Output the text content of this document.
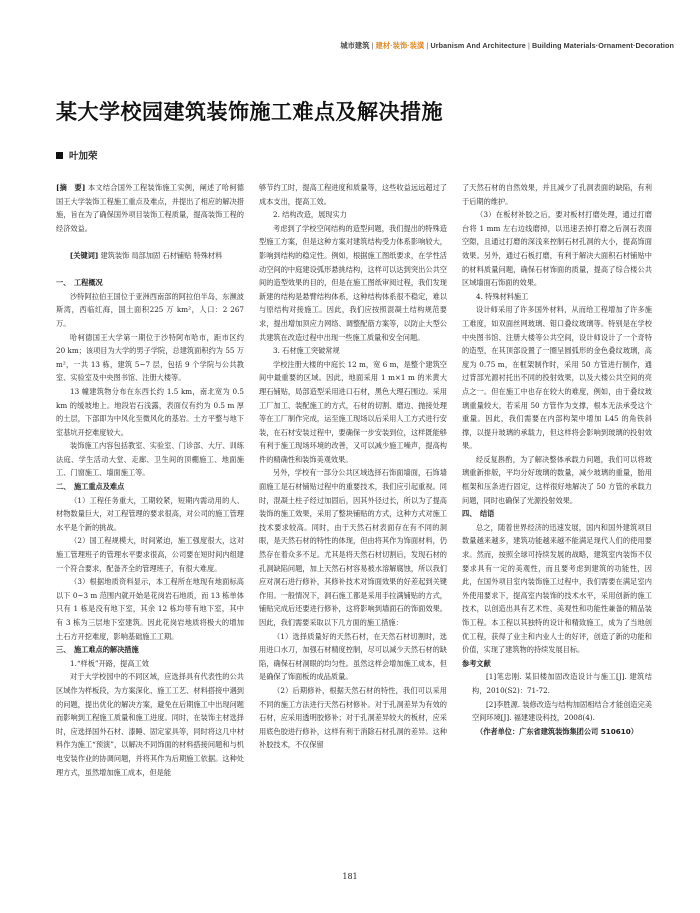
城市建筑 | 建材·装饰·装潢 | Urbanism And Architecture | Building Materials·Ornament·Decoration
某大学校园建筑装饰施工难点及解决措施
叶加荣

[摘　要] 本文结合国外工程装饰施工实例，阐述了哈柯德国王大学装饰工程施工重点及难点，并提出了相应的解决措施，旨在为了确保国外项目装饰工程质量，提高装饰工程的经济效益。

[关键词] 建筑装饰 局部加固 石材铺贴 特殊材料

一、　工程概况

沙特阿拉伯王国位于亚洲西南部的阿拉伯半岛，东濒波斯湾，西临红海，国土面积225 万 km²，人口：2 267 万。

哈柯德国王大学第一期位于沙特阿布哈市，距市区约 20 km；该项目为大学的男子学院，总建筑面积约为 55 万 m²，一共 13 栋，建筑 5~7 层，包括 9 个学院与公共教室、实验室及中央图书馆、注册大楼等。

13 幢建筑物分布在东西长约 1.5 km，南北宽为 0.5 km 的缓坡地上。地段岩石浅露，表面仅有约为 0.5 m 厚的土层，下部即为中风化至微风化的基岩。土方平整与地下室基坑开挖难度较大。

装饰施工内容包括教室、实验室、门诊部、大厅、训练法庭、学生活动大堂、走廊、卫生间的顶棚施工、地面施工、门窗施工、墙面施工等。

二、　施工重点及难点

（1）工程任务重大，工期较紧，短期内需动用的人、材物数量巨大，对工程管理的要求很高，对公司的施工管理水平是个新的挑战。

（2）国工程规模大，时间紧迫，施工强度很大，这对施工管理班子的管理水平要求很高，公司要在短时间内组建一个符合要求，配备齐全的管理班子，有很大难度。

（3）根据地质资料显示，本工程所在地现有地面标高以下 0~3 m 范围内就开始是花岗岩石地质，而 13 栋单体只有 1 栋是没有地下室，其余 12 栋均带有地下室，其中有 3 栋为三层地下室建筑。因此花岗岩地质将极大的增加土石方开挖难度，影响基础施工工期。

三、　施工难点的解决措施

1.“样板”开路，提高工效

对于大学校园中的不同区域，应选择具有代表性的公共区域作为样板段，为方案深化、施工工艺、材料搭接中遇到的问题，提出优化的解决方案，避免在后期施工中出现问题而影响到工程施工质量和施工进度。同时，在装饰主材选择时，应选择国外石材、漆睡、固定家具等，同时将这几中材料作为施工“预演”，以解决不同饰面的材料搭接问题和与机电安装作业的协调问题，并将其作为后期施工依据。这种处理方式，虽然增加施工成本，但是能

够节约工时，提高工程进度和质量等，这些收益远远超过了成本支出，提高工效。

2. 结构改造，展现实力

考虑到了学校空间结构的造型问题，我们提出的特殊造型施工方案，但是这种方案对建筑结构受力体系影响较大，影响到结构的稳定性。例如，根据施工图纸要求，在学性活动空间的中庭建设弧形悬挑结构，这样可以达到突出公共空间的造型效果的目的，但是在施工图纸审阅过程，我们发现新建的结构是悬臂结构体系，这种结构体系很不稳定，难以与原结构对接施工。因此，我们应按照混凝土结构规范要求，提出增加顶应力网络、调整配筋方案等，以防止大型公共建筑在改造过程中出现一些施工质量和安全问题。

3. 石材施工突破常规

学校注册大楼的中庭长 12 m，宽 6 m，是整个建筑空间中最重要的区域。因此，地面采用 1 m×1 m 的米黄大理石铺贴，局部造型采用进口石材，黑色大理石围边。采用工厂加工、装配施工的方式，石材的切割、磨边、抛接处理等在工厂制作完成，运至施工现场以后采用人工方式进行安装，在石材安装过程中，要确保一步安装到位，这样既能够有利于施工现场环境的改善，又可以减少施工噪声，提高构件的精确性和装饰美观效果。

另外，学校有一部分公共区域选择石饰面墙面，石饰墙面施工是石材铺贴过程中的重要技术，我们应引起重视。同时，混凝土柱子经过加固后，因其外径过长，所以为了提高装饰的施工效果，采用了整块铺贴的方式，这种方式对施工技术要求较高。同时，由于天然石材表面存在有不同的洞眼，是天然石材的特性的体现，但由将其作为饰面材料，仍然存在着众多不足。尤其是将天然石材切割后，发现石材的孔洞缺陷问题，加上天然石材容易被水溶解腐蚀，所以我们应对洞石进行修补，其修补技术对饰面效果的好差起到关键作用。一般情况下，洞石施工都是采用手拉满铺贴的方式，铺贴完成后还要进行修补，这将影响到墙面石的饰面效果。因此，我们需要采取以下几方面的施工措施：

（1）选择质量好的天然石材，在天然石材切割时，选用进口水刀，加强石材精度控制，尽可以减少天然石材的缺陷，确保石材洞眼的均匀性。虽然这样会增加施工成本，但是确保了饰面板的成品质量。

（2）后期修补，根据天然石材的特性，我们可以采用不同的施工方法进行天然石材修补。对于孔洞差异为有效的石材，应采用透明胶修补；对于孔洞差异较大的板材，应采用底色胶进行修补，这样有利于消除石材孔洞的差异。这种补胶技术，不仅保留

了天然石材的自然效果，并且减少了孔洞表面的缺陷，有利于后期的维护。

（3）在板材补胶之后，要对板材打磨处理，通过打磨台将 1 mm 左右边线磨掉，以迅速丢掉打磨之后洞石表面空隙，且通过打磨的深浅来控制石材孔洞的大小，提高饰面效果。另外，通过石板打磨，有利于解决大面积石材铺贴中的材料质量问题，确保石材饰面的质量，提高了综合楼公共区域墙面石饰面的效果。

4. 特殊材料施工

设计师采用了许多国外材料，从而给工程增加了许多施工难度，如双面丝网玻璃、钼口叠纹玻璃等。特别是在学校中央图书馆、注册大楼等公共空间，设计师设计了一个奇特的造型，在其顶部设置了一圈呈圆弧形的金色叠纹玻璃，高度为 0.75 m，在框架制作时，采用 50 方管进行制作，通过背部光源衬托出不同的投射效果，以及大楼公共空间的亮点之一。但在施工中也存在较大的难度，例如，由于叠纹玻璃重量较大，若采用 50 方管作为支撑，根本无法承受这个重量。因此，我们需要在内部构架中增加 L45 的角铁斜撑，以提升玻璃的承载力，但这样将会影响到玻璃的投射效果。

经反复斟酌，为了解决整体承载力问题，我们可以将玻璃重新排版，平均分好玻璃的数量，减少玻璃的重量，胎用框架和压条进行固定，这样很好地解决了 50 方管的承载力问题，同时也确保了光源投射效果。

四、　结语

总之，随着世界经济的迅速发展，国内和国外建筑项目数量越来越多，建筑功能越来越不能满足现代人们的使用要求。然而，按照全球可持续发展的战略，建筑室内装饰不仅要求具有一定的美观性，而且要考虑到建筑的功能性，因此，在国外项目室内装饰施工过程中，我们需要在满足室内外使用要求下，提高室内装饰的技术水平，采用创新的施工技术，以创造出具有艺术性、美观性和功能性兼备的精品装饰工程。本工程以其独特的设计和精致施工，成为了当地创优工程，获得了业主和内业人士的好评，创造了新的功能和价值，实现了建筑物的持续发展目标。

参考文献

[1]笔忠刚. 某旧楼加固改造设计与施工[J]. 建筑结构，2010(S2)：71-72.

[2]李胜源. 装修改造与结构加固相结合才能创造完美空间环境[J]. 福建建设科技，2008(4).

（作者单位：广东省建筑装饰集团公司 510610）

181
